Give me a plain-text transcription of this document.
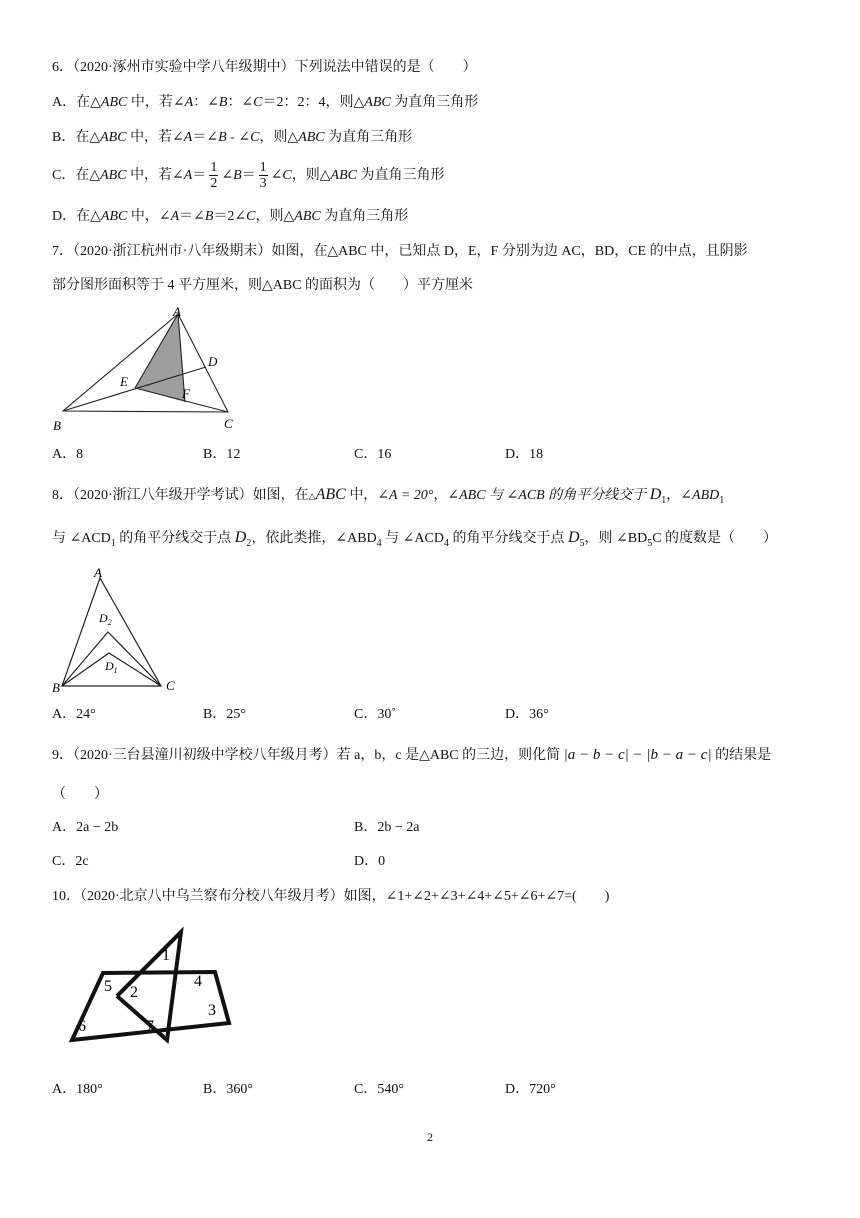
6．（2020·涿州市实验中学八年级期中）下列说法中错误的是（　　）
A．在△ABC 中，若∠A：∠B：∠C＝2：2：4，则△ABC 为直角三角形
B．在△ABC 中，若∠A＝∠B - ∠C，则△ABC 为直角三角形
C．在△ABC 中，若∠A＝ $\frac{1}{2}$ ∠B＝ $\frac{1}{3}$ ∠C，则△ABC 为直角三角形
D．在△ABC 中，∠A＝∠B＝2∠C，则△ABC 为直角三角形
7．（2020·浙江杭州市·八年级期末）如图，在△ABC 中，已知点 D，E，F 分别为边 AC，BD，CE 的中点，且阴影
部分图形面积等于 4 平方厘米，则△ABC 的面积为（　　）平方厘米
A
D
E
F
B	C
A．8	B．12	C．16	D．18
8．（2020·浙江八年级开学考试）如图，在△ABC 中，∠A = 20°，∠ABC 与 ∠ACB 的角平分线交于 $D_1$，$\angle ABD_1$
与 $\angle ACD_1$ 的角平分线交于点 $D_2$，依此类推，$\angle ABD_4$ 与 $\angle ACD_4$ 的角平分线交于点 $D_5$，则 $\angle BD_5C$ 的度数是（　　）
A
$D_2$
$D_1$
B	C
A．24°	B．25°	C．30˚	D．36°
9．（2020·三台县潼川初级中学校八年级月考）若 a，b，c 是△ABC 的三边，则化简 |a − b − c| − |b − a − c| 的结果是
（　　）
A．2a − 2b	B．2b − 2a
C．2c	D．0
10．（2020·北京八中乌兰察布分校八年级月考）如图，∠1+∠2+∠3+∠4+∠5+∠6+∠7=(　　)
1
2
3
4
5
6	7
A．180°	B．360°	C．540°	D．720°
2
